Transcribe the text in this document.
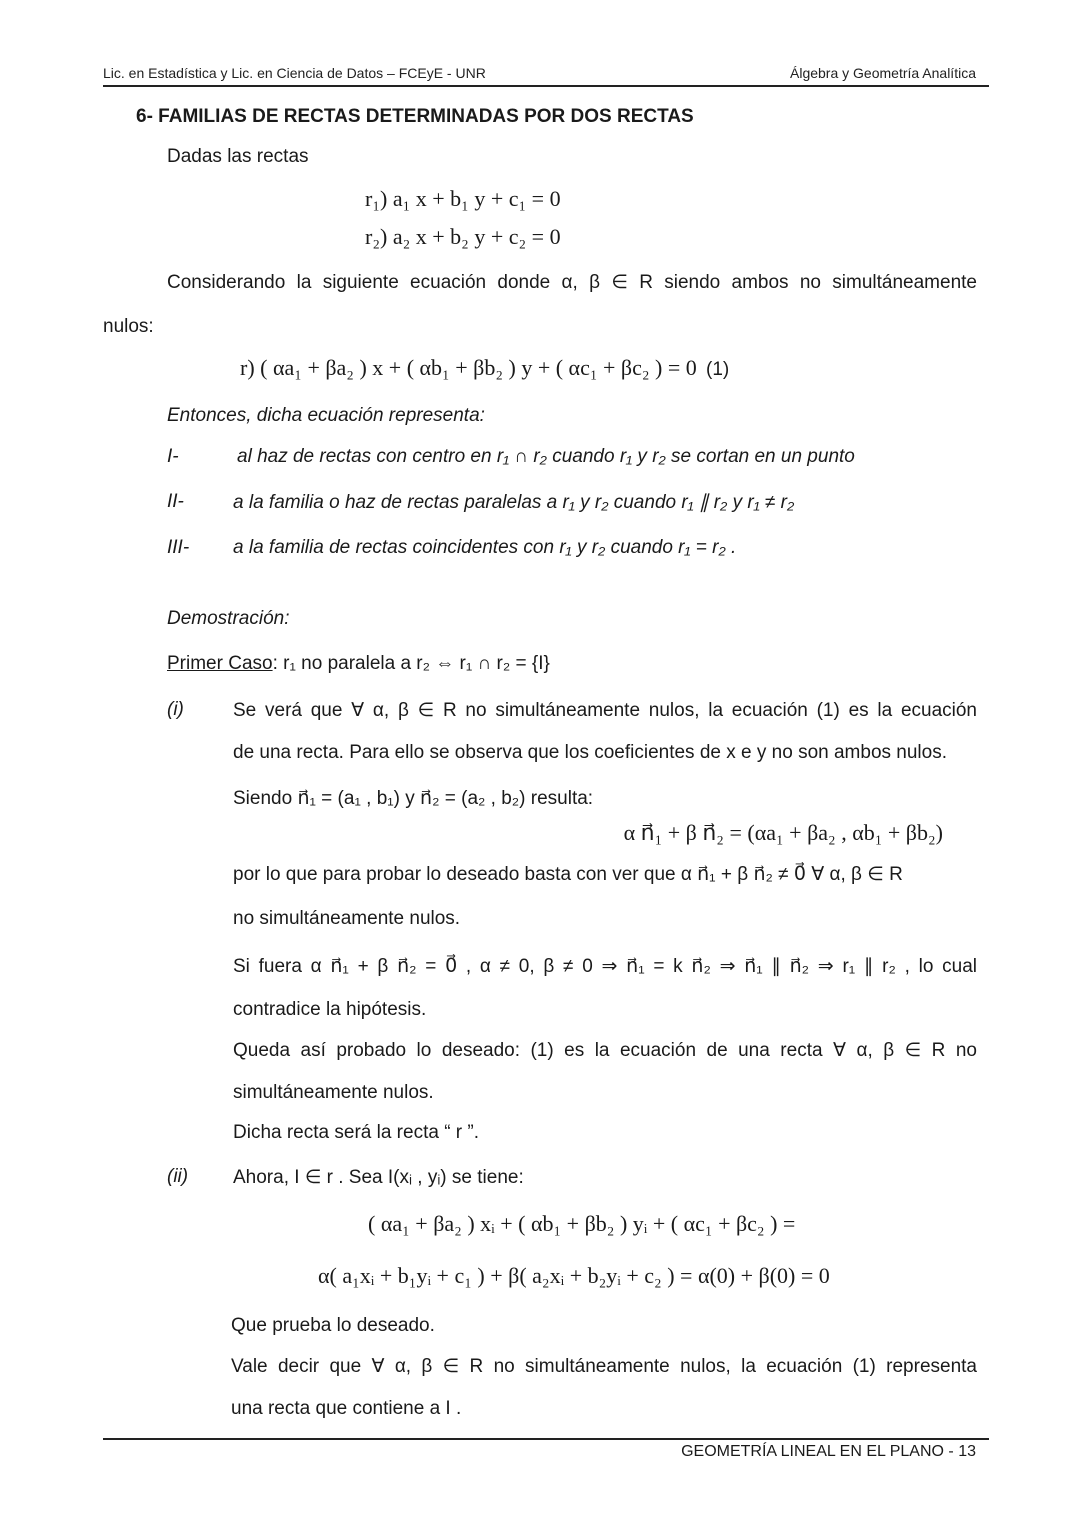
Lic. en Estadística y Lic. en Ciencia de Datos – FCEyE - UNR	Álgebra y Geometría Analítica
6- FAMILIAS DE RECTAS DETERMINADAS POR DOS RECTAS
Dadas las rectas
r₁) a₁ x + b₁ y + c₁ = 0
r₂) a₂ x + b₂ y + c₂ = 0
Considerando la siguiente ecuación donde α, β ∈ R siendo ambos no simultáneamente
nulos:
r) ( αa₁ + βa₂ ) x + ( αb₁ + βb₂ ) y + ( αc₁ + βc₂ ) = 0 (1)
Entonces, dicha ecuación representa:
I-	al haz de rectas con centro en r₁ ∩ r₂ cuando r₁ y r₂ se cortan en un punto
II-	a la familia o haz de rectas paralelas a r₁ y r₂ cuando r₁ ∥ r₂ y r₁ ≠ r₂
III- a la familia de rectas coincidentes con r₁ y r₂ cuando r₁ = r₂ .
Demostración:
Primer Caso: r₁ no paralela a r₂ ⇔ r₁ ∩ r₂ = {I}
(i)	Se verá que ∀ α, β ∈ R no simultáneamente nulos, la ecuación (1) es la ecuación
de una recta. Para ello se observa que los coeficientes de x e y no son ambos nulos.
Siendo n⃗₁ = (a₁ , b₁) y n⃗₂ = (a₂ , b₂) resulta:
α n⃗₁ + β n⃗₂ = (αa₁ + βa₂ , αb₁ + βb₂)
por lo que para probar lo deseado basta con ver que α n⃗₁ + β n⃗₂ ≠ 0⃗ ∀ α, β ∈ R
no simultáneamente nulos.
Si fuera α n⃗₁ + β n⃗₂ = 0⃗ , α ≠ 0, β ≠ 0 ⇒ n⃗₁ = k n⃗₂ ⇒ n⃗₁ ∥ n⃗₂ ⇒ r₁ ∥ r₂ , lo cual
contradice la hipótesis.
Queda así probado lo deseado: (1) es la ecuación de una recta ∀ α, β ∈ R no
simultáneamente nulos.
Dicha recta será la recta “ r ”.
(ii) Ahora, I ∈ r . Sea I(xᵢ , yᵢ) se tiene:
( αa₁ + βa₂ ) xᵢ + ( αb₁ + βb₂ ) yᵢ + ( αc₁ + βc₂ ) =
α( a₁xᵢ + b₁yᵢ + c₁ ) + β( a₂xᵢ + b₂yᵢ + c₂ ) = α(0) + β(0) = 0
Que prueba lo deseado.
Vale decir que ∀ α, β ∈ R no simultáneamente nulos, la ecuación (1) representa
una recta que contiene a I .
GEOMETRÍA LINEAL EN EL PLANO - 13
